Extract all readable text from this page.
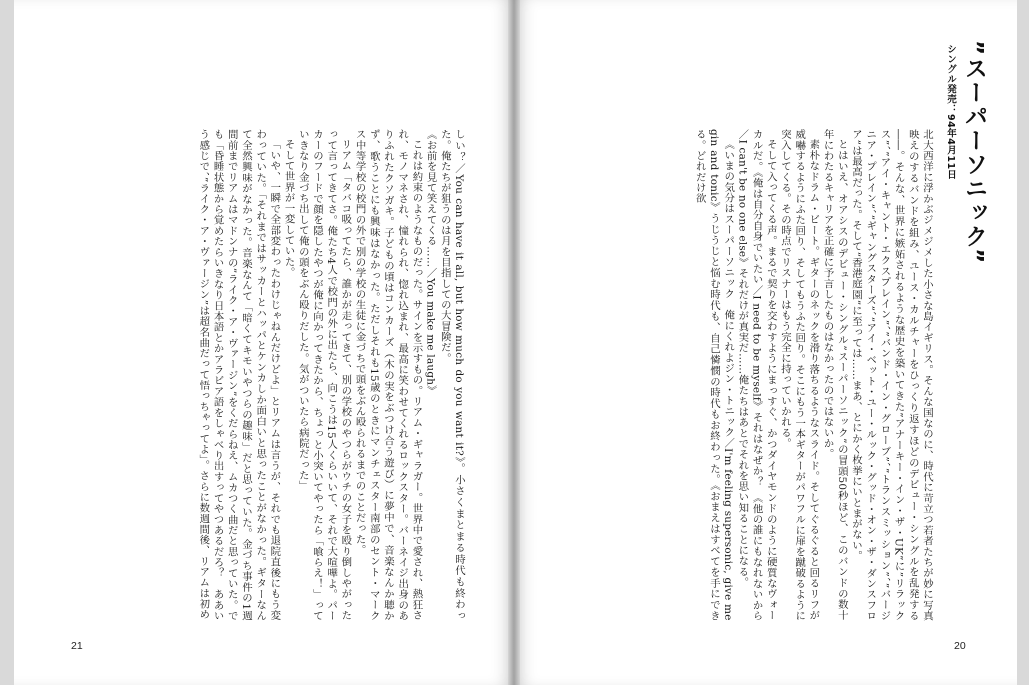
”スーパーソニック”
シングル発売：94年4月11日

北大西洋に浮かぶジメジメした小さな島イギリス。そんな国なのに、時代に苛立つ若者たちが妙に写真映えのするバンドを組み、ユース・カルチャーをひっくり返すほどのデビュー・シングルを乱発する――。そんな、世界に嫉妬されるような歴史を築いてきた”アナーキー・イン・ザ・UK”に”リラックス”、”アイ・キャント・エクスプレイン”、”バンド・イン・グローブ”、”トランスミッション”、”バージニア・プレイン”、”ギャングスターズ”、”アイ・ベット・ユー・ルック・グッド・オン・ザ・ダンスフロア”は最高だった。そして”香港庭園”に至っては……まあ、とにかく枚挙にいとまがない。

とはいえ、オアシスのデビュー・シングル”スーパーソニック”の冒頭50秒ほど、このバンドの数十年にわたるキャリアを正確に予言したものはなかったのではないか。

素朴なドラム・ビート。ギターのネックを滑り落ちるようなスライド。そしてぐるぐると回るリフが威嚇するようにふた回り、そしてもうふた回り。そこにもう一本ギターがパワフルに扉を蹴破るように突入してくる。その時点でリスナーはもう完全に持っていかれる。

そして入ってくる声。まるで契りを交わすようにまっすぐ、かつダイヤモンドのように硬質なヴォーカルだ。《俺は自分自身でいたい／I need to be myself》それはなぜか？　《他の誰にもなれないから／I can't be no one else》それだけが真実だ……俺たちはあとでそれを思い知ることになる。

《いまの気分はスーパーソニック　俺にくれよジン・トニック／I'm feeling supersonic, give me gin and tonic》うじうじと悩む時代も、自己憐憫の時代もお終わった。《おまえはすべてを手にできる。どれだけ欲

20

しい？／You can have it all, but how much do you want it?》。小さくまとまる時代も終わった。俺たちが狙うのは月を目指しての大冒険だ。

《お前を見て笑えてくる……／You make me laugh》

これは約束のようなものだった。サインを示すもの。リアム・ギャラガー。世界中で愛され、熱狂され、モノマネされ、憧れられ、惚れ込まれ、最高に笑わせてくれるロックスター。バーネイジ出身のありふれたクソガキ。子どもの頃はコンカーズ（木の実をぶつけ合う遊び）に夢中で、音楽なんか聴かず、歌うことにも興味はなかった。ただしそれも15歳のときにマンチェスター南部のセント・マークス中等学校の校門の外で別の学校の生徒に金づちで頭をぶん殴られるまでのことだった。

リアム「タバコ吸ってたら、誰かが走ってきて、別の学校のやつらがウチの女子を殴り倒しやがったって言ってきてさ。俺たち4人で校門の外に出たら、向こうは15人くらいいて、それで大喧嘩よ。パーカーのフードで顔を隠したやつが俺に向かってきたから、ちょっと小突いてやったら「喰らえ！」っていきなり金づち出して俺の頭をぶん殴りだした。気がついたら病院だった」

そして世界が一変していた。

「いや、一瞬で全部変わったわけじゃねんだけどよ」とリアムは言うが、それでも退院直後にもう変わっていた。「それまではサッカーとハッパとケンカしか面白いと思ったことがなかった。ギターなんて全然興味がなかった。音楽なんて「暗くてキモいやつらの趣味」だと思っていた。金づち事件の1週間前までリアムはマドンナの”ライク・ア・ヴァージン”をくだらねえ、ムカつく曲だと思っていた。でも「昏睡状態から覚めたらいきなり日本語とかアラビア語をしゃべり出すってやつあるだろ？　ああいう感じで、”ライク・ア・ヴァージン”は超名曲だって悟っちゃってよ」。さらに数週間後、リアムは初め

21
